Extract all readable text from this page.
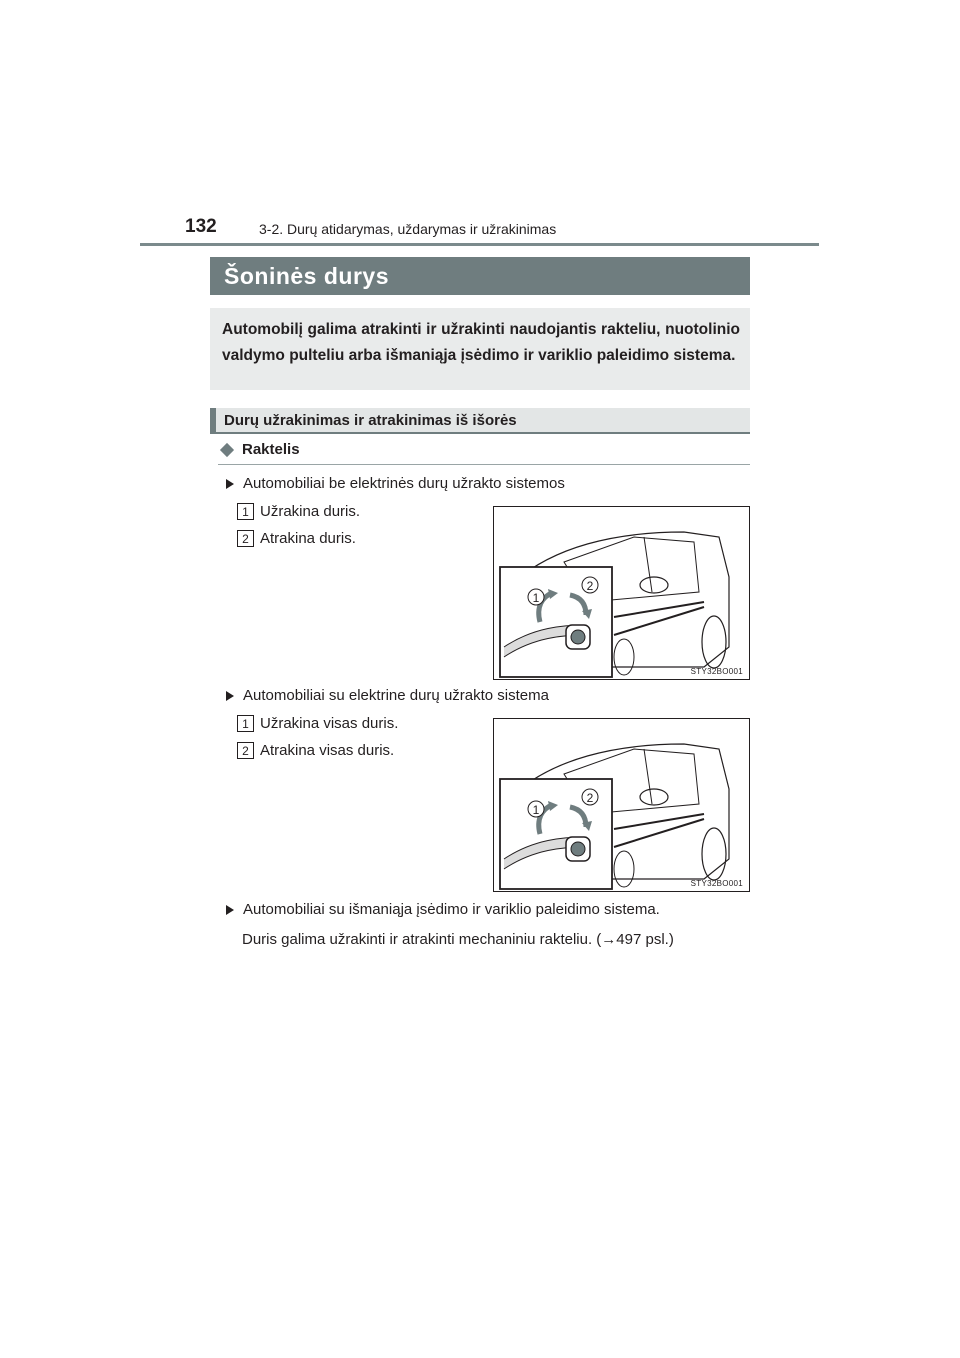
132	3-2. Durų atidarymas, uždarymas ir užrakinimas
Šoninės durys
Automobilį galima atrakinti ir užrakinti naudojantis rakteliu, nuotolinio valdymo pulteliu arba išmaniąja įsėdimo ir variklio paleidimo sistema.
Durų užrakinimas ir atrakinimas iš išorės
Raktelis
Automobiliai be elektrinės durų užrakto sistemos
1 Užrakina duris.
2 Atrakina duris.
1
2
STY32BO001
Automobiliai su elektrine durų užrakto sistema
1 Užrakina visas duris.
2 Atrakina visas duris.
1
2
STY32BO001
Automobiliai su išmaniąja įsėdimo ir variklio paleidimo sistema.
Duris galima užrakinti ir atrakinti mechaniniu rakteliu. (→497 psl.)
